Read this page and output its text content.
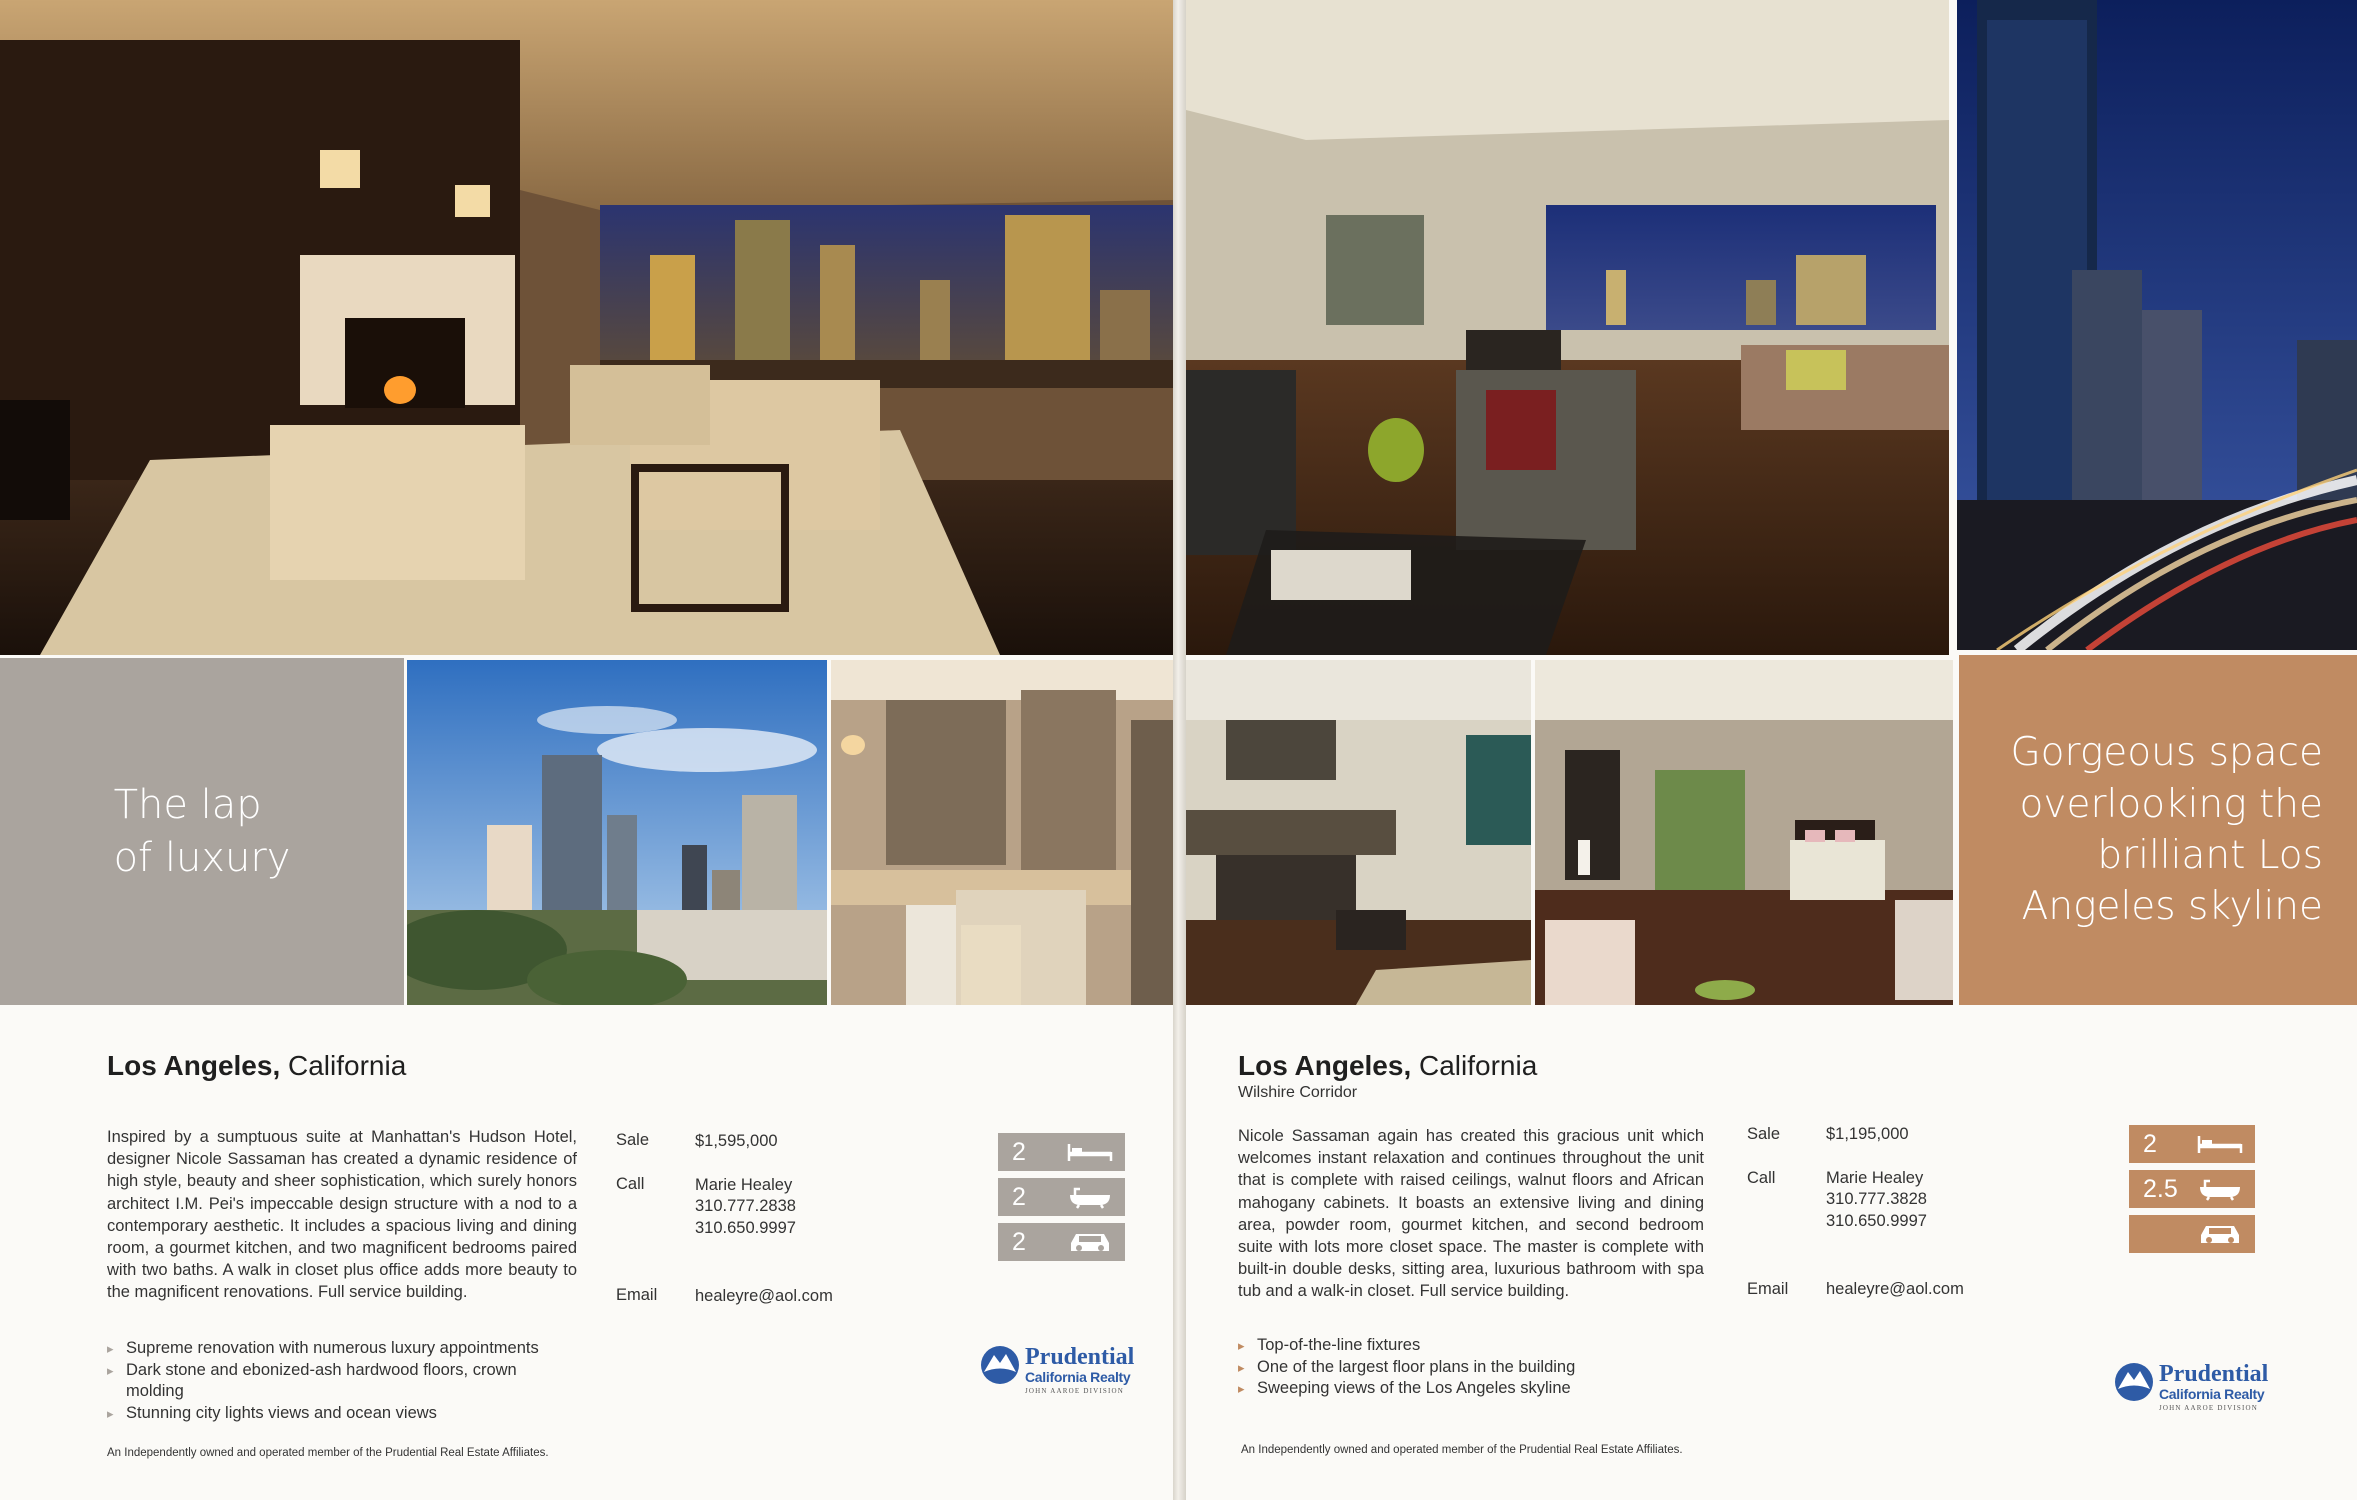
The lap
of luxury
Los Angeles, California

Inspired by a sumptuous suite at Manhattan's Hudson Hotel, designer Nicole Sassaman has created a dynamic residence of high style, beauty and sheer sophistication, which surely honors architect I.M. Pei's impeccable design structure with a nod to a contemporary aesthetic. It includes a spacious living and dining room, a gourmet kitchen, and two magnificent bedrooms paired with two baths. A walk in closet plus office adds more beauty to the magnificent renovations. Full service building.

▸ Supreme renovation with numerous luxury appointments
▸ Dark stone and ebonized-ash hardwood floors, crown molding
▸ Stunning city lights views and ocean views
Sale	$1,595,000
Call	Marie Healey
310.777.2838
310.650.9997
Email healeyre@aol.com
2
2
2
Prudential
California Realty
JOHN AAROE DIVISION
An Independently owned and operated member of the Prudential Real Estate Affiliates.
Gorgeous space
overlooking the
brilliant Los
Angeles skyline
Los Angeles, California
Wilshire Corridor

Nicole Sassaman again has created this gracious unit which welcomes instant relaxation and continues throughout the unit that is complete with raised ceilings, walnut floors and African mahogany cabinets. It boasts an extensive living and dining area, powder room, gourmet kitchen, and second bedroom suite with lots more closet space. The master is complete with built-in double desks, sitting area, luxurious bathroom with spa tub and a walk-in closet. Full service building.

▸ Top-of-the-line fixtures
▸ One of the largest floor plans in the building
▸ Sweeping views of the Los Angeles skyline
Sale	$1,195,000
Call	Marie Healey
310.777.3828
310.650.9997
Email healeyre@aol.com
2
2.5
Prudential
California Realty
JOHN AAROE DIVISION
An Independently owned and operated member of the Prudential Real Estate Affiliates.
